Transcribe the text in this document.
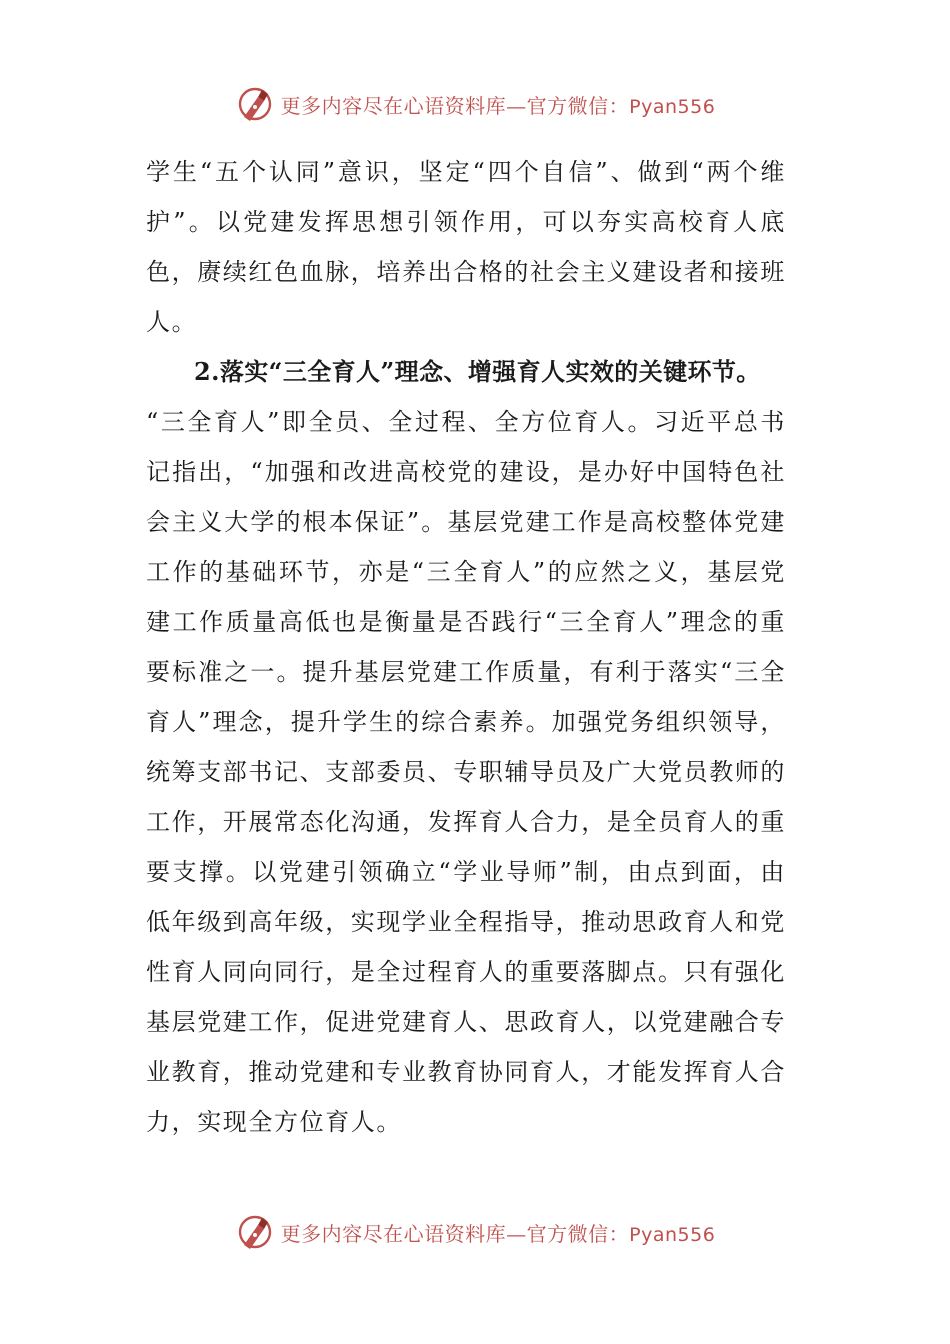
更多内容尽在心语资料库—官方微信：Pyan556

学生“五个认同”意识，坚定“四个自信”、做到“两个维护”。以党建发挥思想引领作用，可以夯实高校育人底色，赓续红色血脉，培养出合格的社会主义建设者和接班人。

2.落实“三全育人”理念、增强育人实效的关键环节。

“三全育人”即全员、全过程、全方位育人。习近平总书记指出，“加强和改进高校党的建设，是办好中国特色社会主义大学的根本保证”。基层党建工作是高校整体党建工作的基础环节，亦是“三全育人”的应然之义，基层党建工作质量高低也是衡量是否践行“三全育人”理念的重要标准之一。提升基层党建工作质量，有利于落实“三全育人”理念，提升学生的综合素养。加强党务组织领导，统筹支部书记、支部委员、专职辅导员及广大党员教师的工作，开展常态化沟通，发挥育人合力，是全员育人的重要支撑。以党建引领确立“学业导师”制，由点到面，由低年级到高年级，实现学业全程指导，推动思政育人和党性育人同向同行，是全过程育人的重要落脚点。只有强化基层党建工作，促进党建育人、思政育人，以党建融合专业教育，推动党建和专业教育协同育人，才能发挥育人合力，实现全方位育人。

更多内容尽在心语资料库—官方微信：Pyan556
